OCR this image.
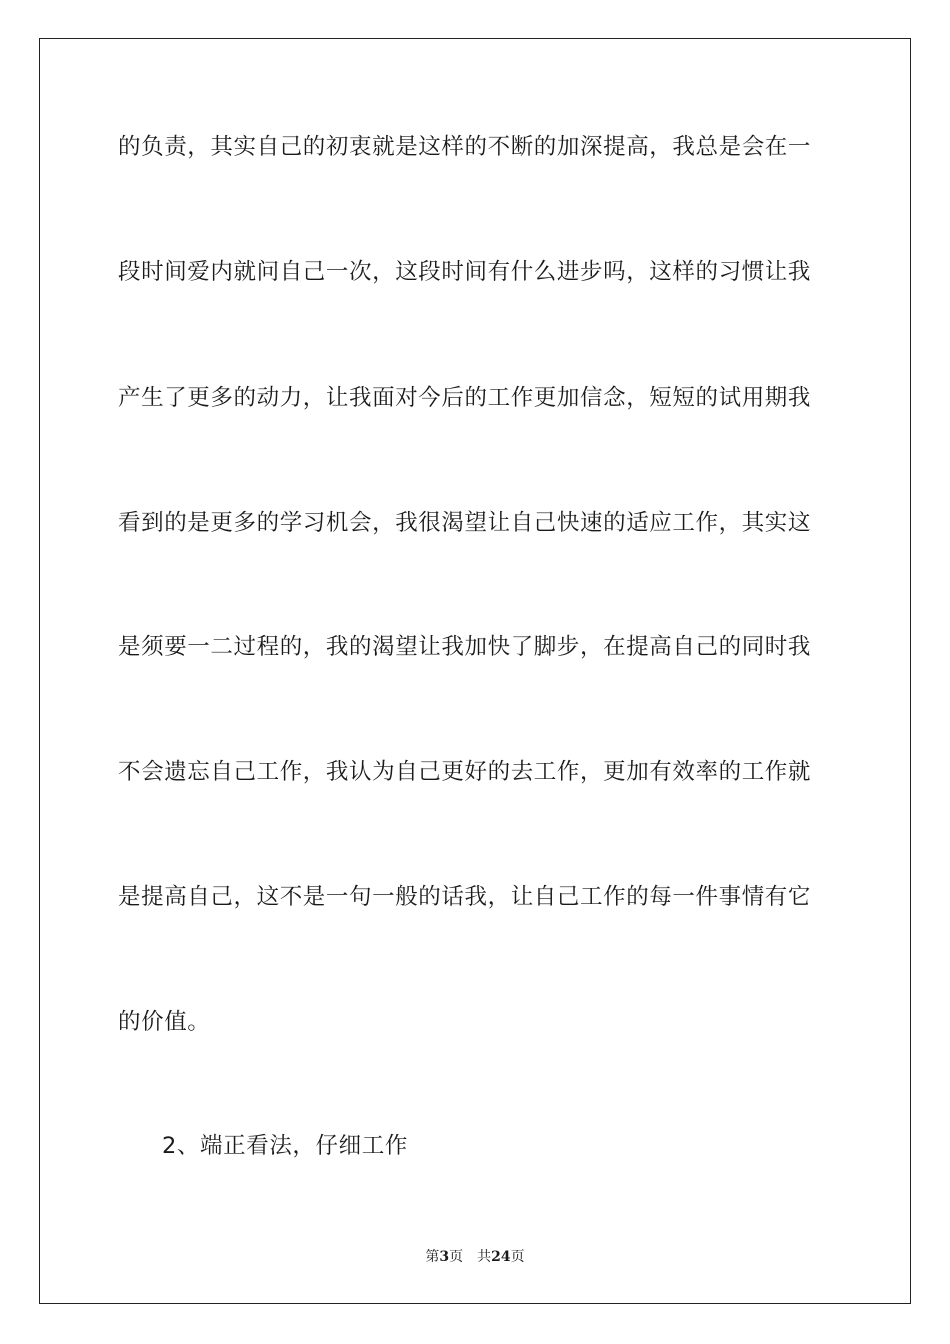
的负责，其实自己的初衷就是这样的不断的加深提高，我总是会在一

段时间爱内就问自己一次，这段时间有什么进步吗，这样的习惯让我

产生了更多的动力，让我面对今后的工作更加信念，短短的试用期我

看到的是更多的学习机会，我很渴望让自己快速的适应工作，其实这

是须要一二过程的，我的渴望让我加快了脚步，在提高自己的同时我

不会遗忘自己工作，我认为自己更好的去工作，更加有效率的工作就

是提高自己，这不是一句一般的话我，让自己工作的每一件事情有它

的价值。

2、端正看法，仔细工作

第3页 共24页
